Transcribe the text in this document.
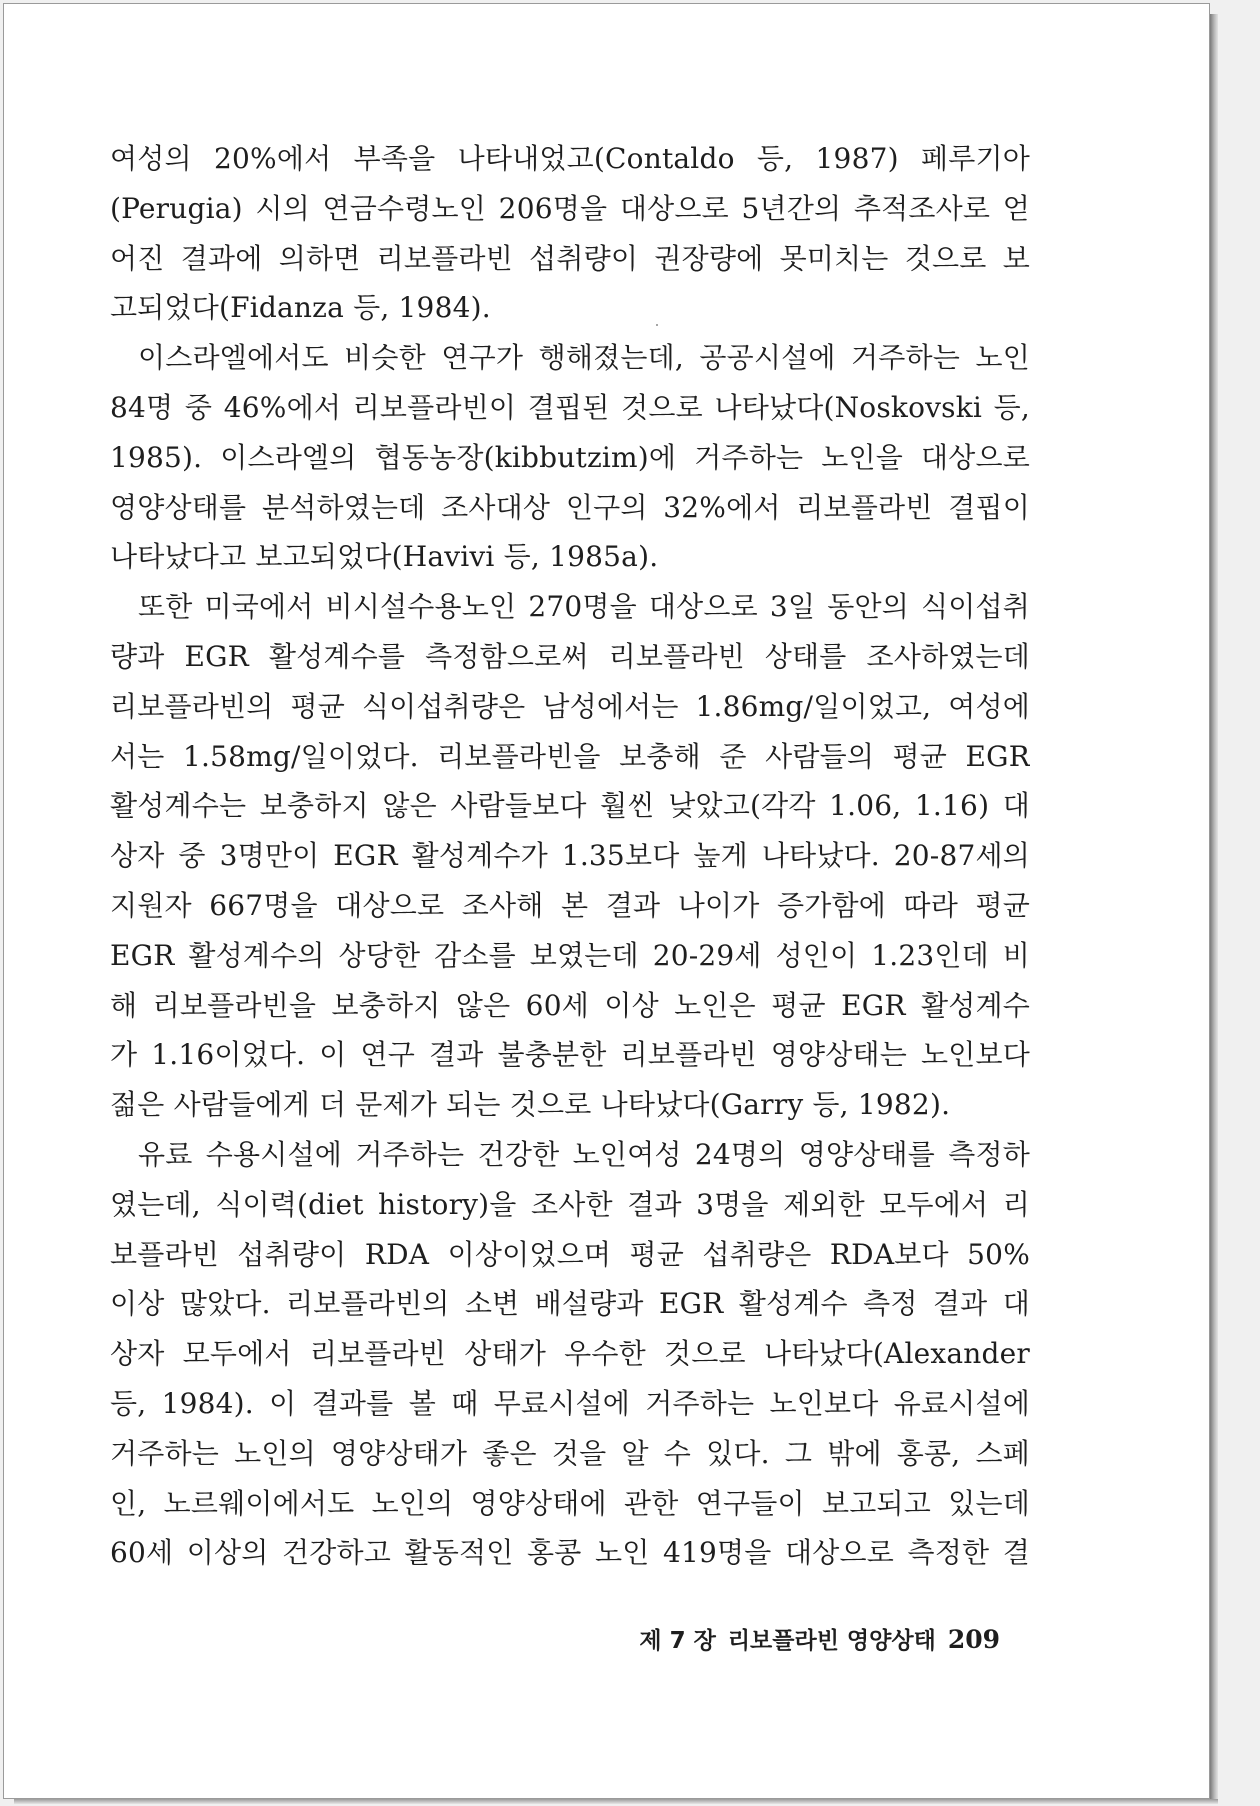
여성의 20%에서 부족을 나타내었고(Contaldo 등, 1987) 페루기아
(Perugia) 시의 연금수령노인 206명을 대상으로 5년간의 추적조사로 얻
어진 결과에 의하면 리보플라빈 섭취량이 권장량에 못미치는 것으로 보
고되었다(Fidanza 등, 1984).
이스라엘에서도 비슷한 연구가 행해졌는데, 공공시설에 거주하는 노인
84명 중 46%에서 리보플라빈이 결핍된 것으로 나타났다(Noskovski 등,
1985). 이스라엘의 협동농장(kibbutzim)에 거주하는 노인을 대상으로
영양상태를 분석하였는데 조사대상 인구의 32%에서 리보플라빈 결핍이
나타났다고 보고되었다(Havivi 등, 1985a).
또한 미국에서 비시설수용노인 270명을 대상으로 3일 동안의 식이섭취
량과 EGR 활성계수를 측정함으로써 리보플라빈 상태를 조사하였는데
리보플라빈의 평균 식이섭취량은 남성에서는 1.86mg/일이었고, 여성에
서는 1.58mg/일이었다. 리보플라빈을 보충해 준 사람들의 평균 EGR
활성계수는 보충하지 않은 사람들보다 훨씬 낮았고(각각 1.06, 1.16) 대
상자 중 3명만이 EGR 활성계수가 1.35보다 높게 나타났다. 20-87세의
지원자 667명을 대상으로 조사해 본 결과 나이가 증가함에 따라 평균
EGR 활성계수의 상당한 감소를 보였는데 20-29세 성인이 1.23인데 비
해 리보플라빈을 보충하지 않은 60세 이상 노인은 평균 EGR 활성계수
가 1.16이었다. 이 연구 결과 불충분한 리보플라빈 영양상태는 노인보다
젊은 사람들에게 더 문제가 되는 것으로 나타났다(Garry 등, 1982).
유료 수용시설에 거주하는 건강한 노인여성 24명의 영양상태를 측정하
였는데, 식이력(diet history)을 조사한 결과 3명을 제외한 모두에서 리
보플라빈 섭취량이 RDA 이상이었으며 평균 섭취량은 RDA보다 50%
이상 많았다. 리보플라빈의 소변 배설량과 EGR 활성계수 측정 결과 대
상자 모두에서 리보플라빈 상태가 우수한 것으로 나타났다(Alexander
등, 1984). 이 결과를 볼 때 무료시설에 거주하는 노인보다 유료시설에
거주하는 노인의 영양상태가 좋은 것을 알 수 있다. 그 밖에 홍콩, 스페
인, 노르웨이에서도 노인의 영양상태에 관한 연구들이 보고되고 있는데
60세 이상의 건강하고 활동적인 홍콩 노인 419명을 대상으로 측정한 결
제 7 장 리보플라빈 영양상태 209
